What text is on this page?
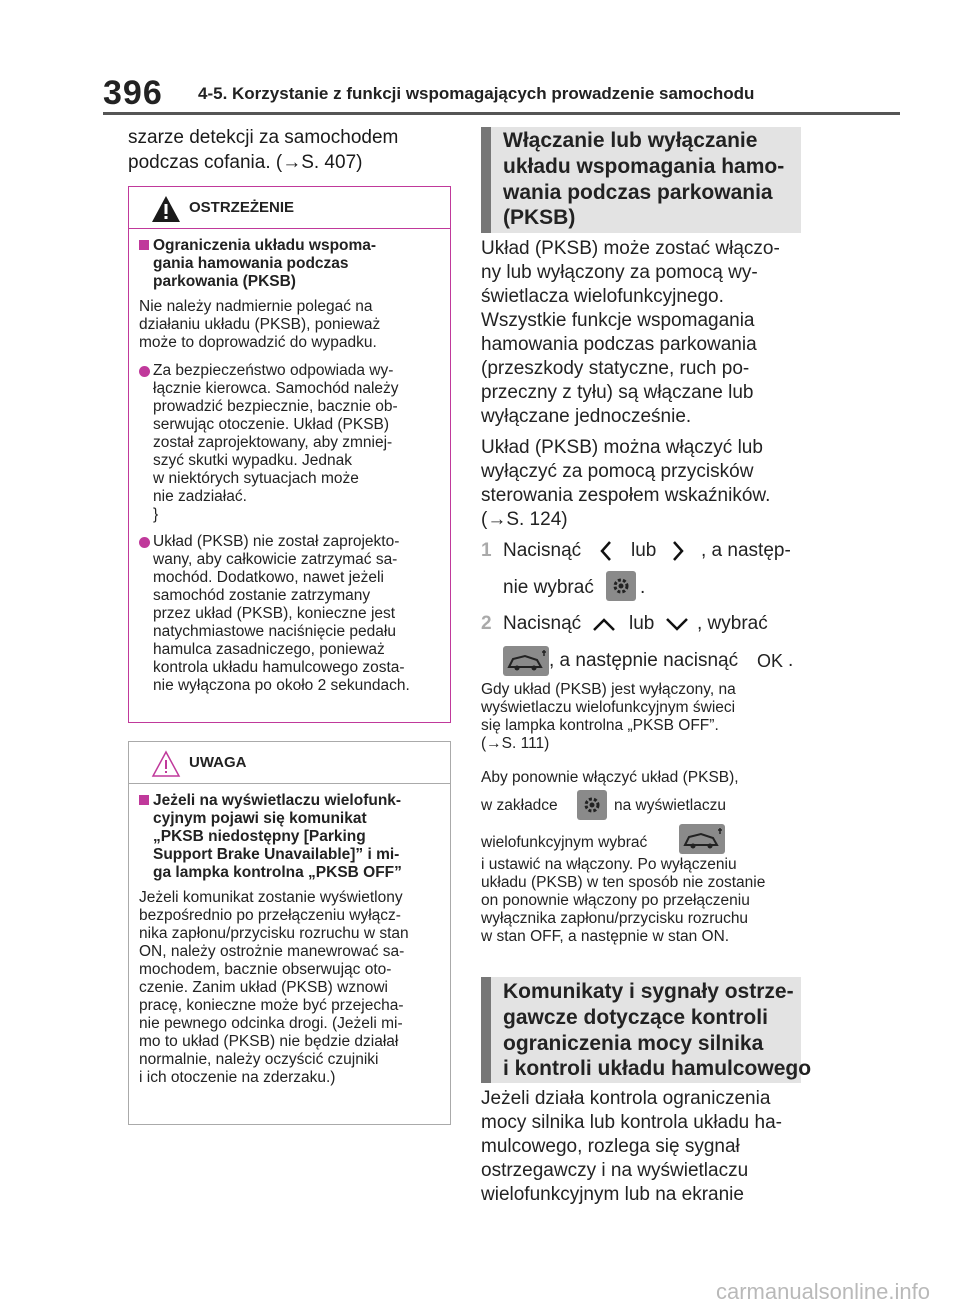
396 4-5. Korzystanie z funkcji wspomagających prowadzenie samochodu
szarze detekcji za samochodem
podczas cofania. (→S. 407)
OSTRZEŻENIE
Ograniczenia układu wspoma-
gania hamowania podczas
parkowania (PKSB)
Nie należy nadmiernie polegać na
działaniu układu (PKSB), ponieważ
może to doprowadzić do wypadku.
Za bezpieczeństwo odpowiada wy-
łącznie kierowca. Samochód należy
prowadzić bezpiecznie, bacznie ob-
serwując otoczenie. Układ (PKSB)
został zaprojektowany, aby zmniej-
szyć skutki wypadku. Jednak
w niektórych sytuacjach może
nie zadziałać.
}
Układ (PKSB) nie został zaprojekto-
wany, aby całkowicie zatrzymać sa-
mochód. Dodatkowo, nawet jeżeli
samochód zostanie zatrzymany
przez układ (PKSB), konieczne jest
natychmiastowe naciśnięcie pedału
hamulca zasadniczego, ponieważ
kontrola układu hamulcowego zosta-
nie wyłączona po około 2 sekundach.
UWAGA
Jeżeli na wyświetlaczu wielofunk-
cyjnym pojawi się komunikat
„PKSB niedostępny [Parking
Support Brake Unavailable]” i mi-
ga lampka kontrolna „PKSB OFF”
Jeżeli komunikat zostanie wyświetlony
bezpośrednio po przełączeniu wyłącz-
nika zapłonu/przycisku rozruchu w stan
ON, należy ostrożnie manewrować sa-
mochodem, bacznie obserwując oto-
czenie. Zanim układ (PKSB) wznowi
pracę, konieczne może być przejecha-
nie pewnego odcinka drogi. (Jeżeli mi-
mo to układ (PKSB) nie będzie działał
normalnie, należy oczyścić czujniki
i ich otoczenie na zderzaku.)
Włączanie lub wyłączanie
układu wspomagania hamo-
wania podczas parkowania
(PKSB)
Układ (PKSB) może zostać włączo-
ny lub wyłączony za pomocą wy-
świetlacza wielofunkcyjnego.
Wszystkie funkcje wspomagania
hamowania podczas parkowania
(przeszkody statyczne, ruch po-
przeczny z tyłu) są włączane lub
wyłączane jednocześnie.
Układ (PKSB) można włączyć lub
wyłączyć za pomocą przycisków
sterowania zespołem wskaźników.
(→S. 124)
1 Nacisnąć	lub , a następ-
nie wybrać .
2 Nacisnąć	lub , wybrać
, a następnie nacisnąć OK .
Gdy układ (PKSB) jest wyłączony, na
wyświetlaczu wielofunkcyjnym świeci
się lampka kontrolna „PKSB OFF”.
(→S. 111)
Aby ponownie włączyć układ (PKSB),
w zakładce	na wyświetlaczu
wielofunkcyjnym wybrać
i ustawić na włączony. Po wyłączeniu
układu (PKSB) w ten sposób nie zostanie
on ponownie włączony po przełączeniu
wyłącznika zapłonu/przycisku rozruchu
w stan OFF, a następnie w stan ON.
Komunikaty i sygnały ostrze-
gawcze dotyczące kontroli
ograniczenia mocy silnika
i kontroli układu hamulcowego
Jeżeli działa kontrola ograniczenia
mocy silnika lub kontrola układu ha-
mulcowego, rozlega się sygnał
ostrzegawczy i na wyświetlaczu
wielofunkcyjnym lub na ekranie
carmanualsonline.info
